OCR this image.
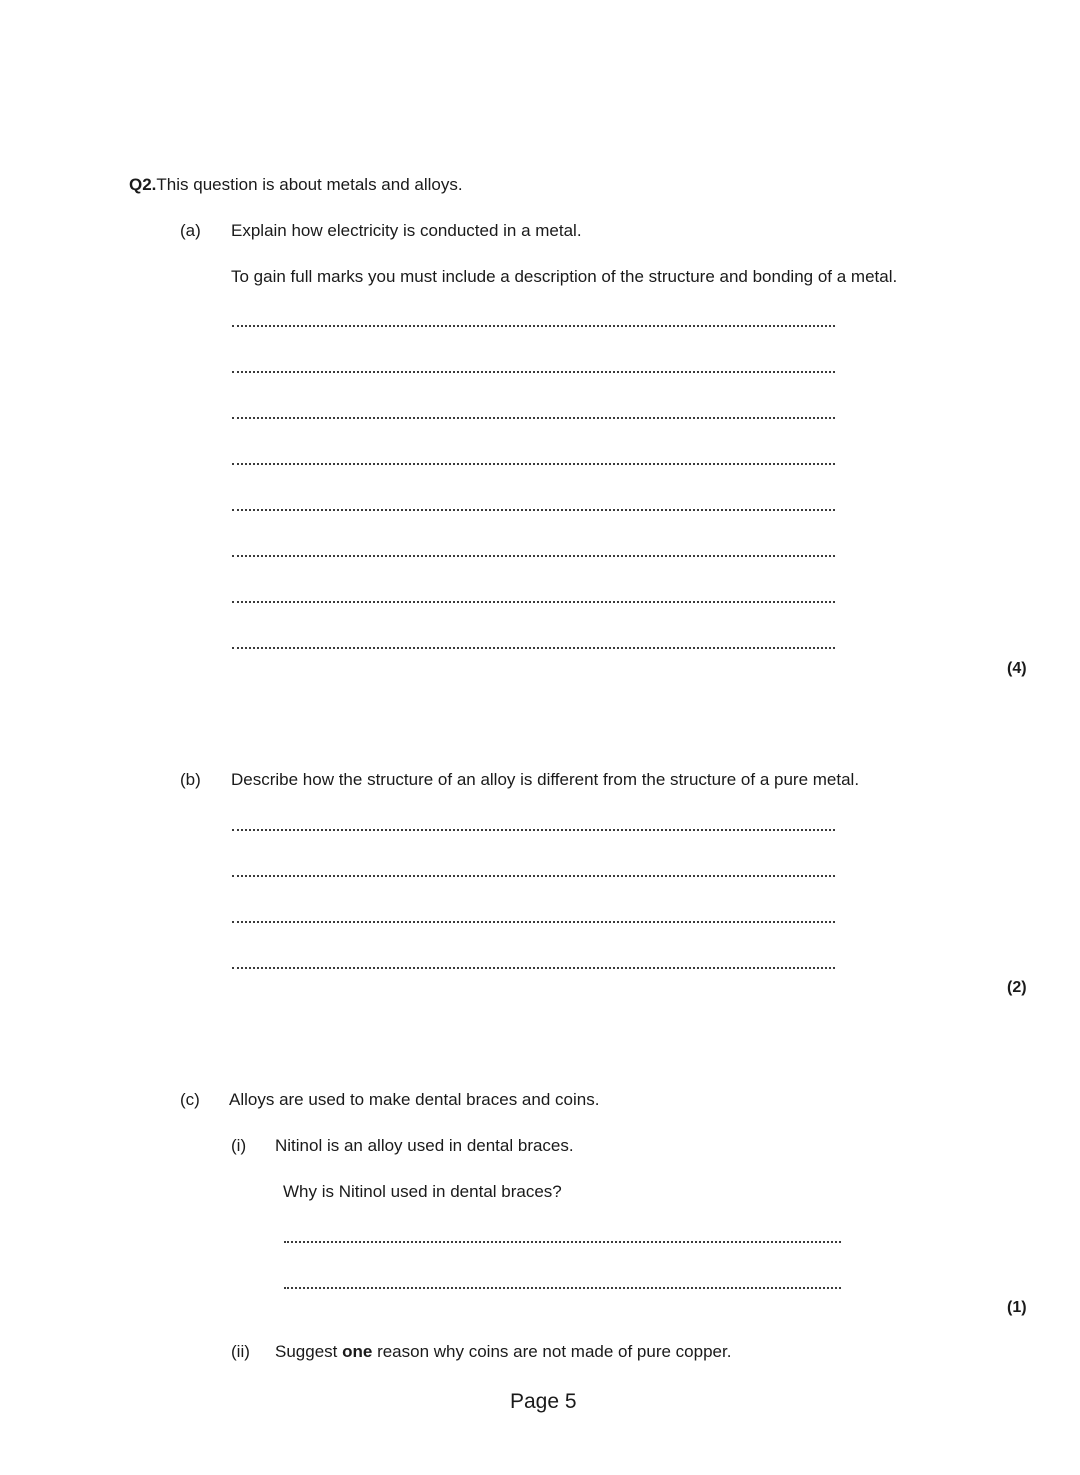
Q2.This question is about metals and alloys.
(a) Explain how electricity is conducted in a metal.
To gain full marks you must include a description of the structure and bonding of a metal.
(4)
(b) Describe how the structure of an alloy is different from the structure of a pure metal.
(2)
(c) Alloys are used to make dental braces and coins.
(i) Nitinol is an alloy used in dental braces.
Why is Nitinol used in dental braces?
(1)
(ii) Suggest one reason why coins are not made of pure copper.
Page 5
